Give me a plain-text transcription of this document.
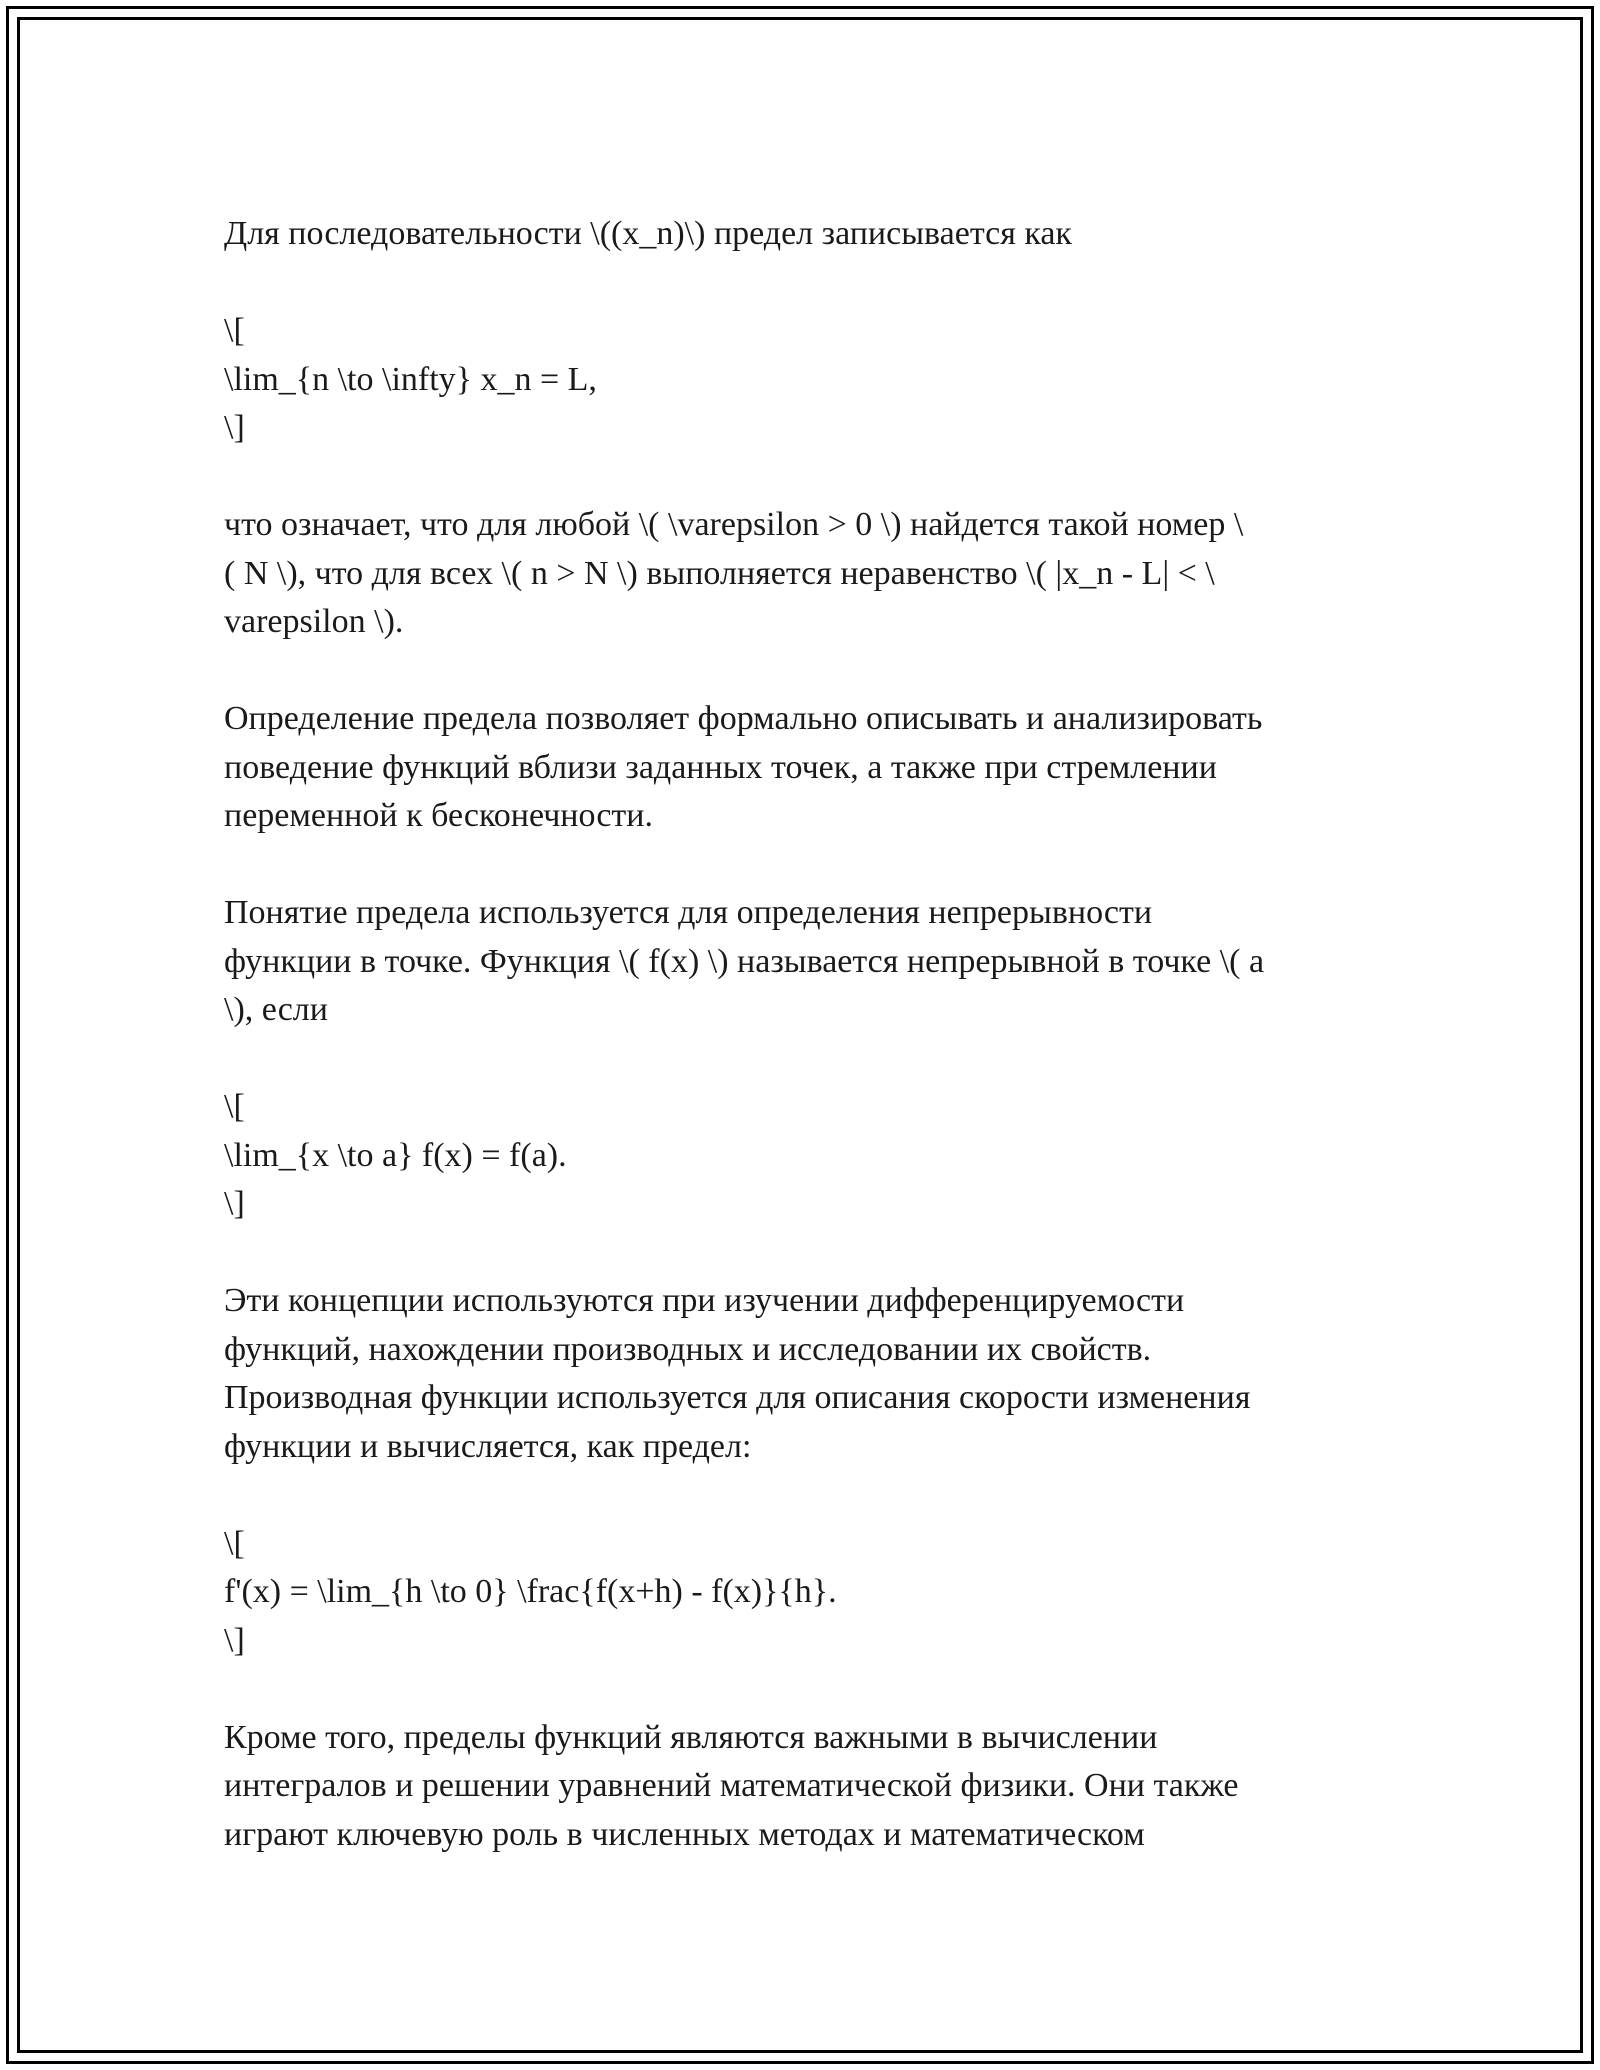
Для последовательности \((x_n)\) предел записывается как

\[
\lim_{n \to \infty} x_n = L,
\]

что означает, что для любой \( \varepsilon > 0 \) найдется такой номер \
( N \), что для всех \( n > N \) выполняется неравенство \( |x_n - L| < \
varepsilon \).

Определение предела позволяет формально описывать и анализировать
поведение функций вблизи заданных точек, а также при стремлении
переменной к бесконечности.

Понятие предела используется для определения непрерывности
функции в точке. Функция \( f(x) \) называется непрерывной в точке \( a
\), если

\[
\lim_{x \to a} f(x) = f(a).
\]

Эти концепции используются при изучении дифференцируемости
функций, нахождении производных и исследовании их свойств.
Производная функции используется для описания скорости изменения
функции и вычисляется, как предел:

\[
f'(x) = \lim_{h \to 0} \frac{f(x+h) - f(x)}{h}.
\]

Кроме того, пределы функций являются важными в вычислении
интегралов и решении уравнений математической физики. Они также
играют ключевую роль в численных методах и математическом
